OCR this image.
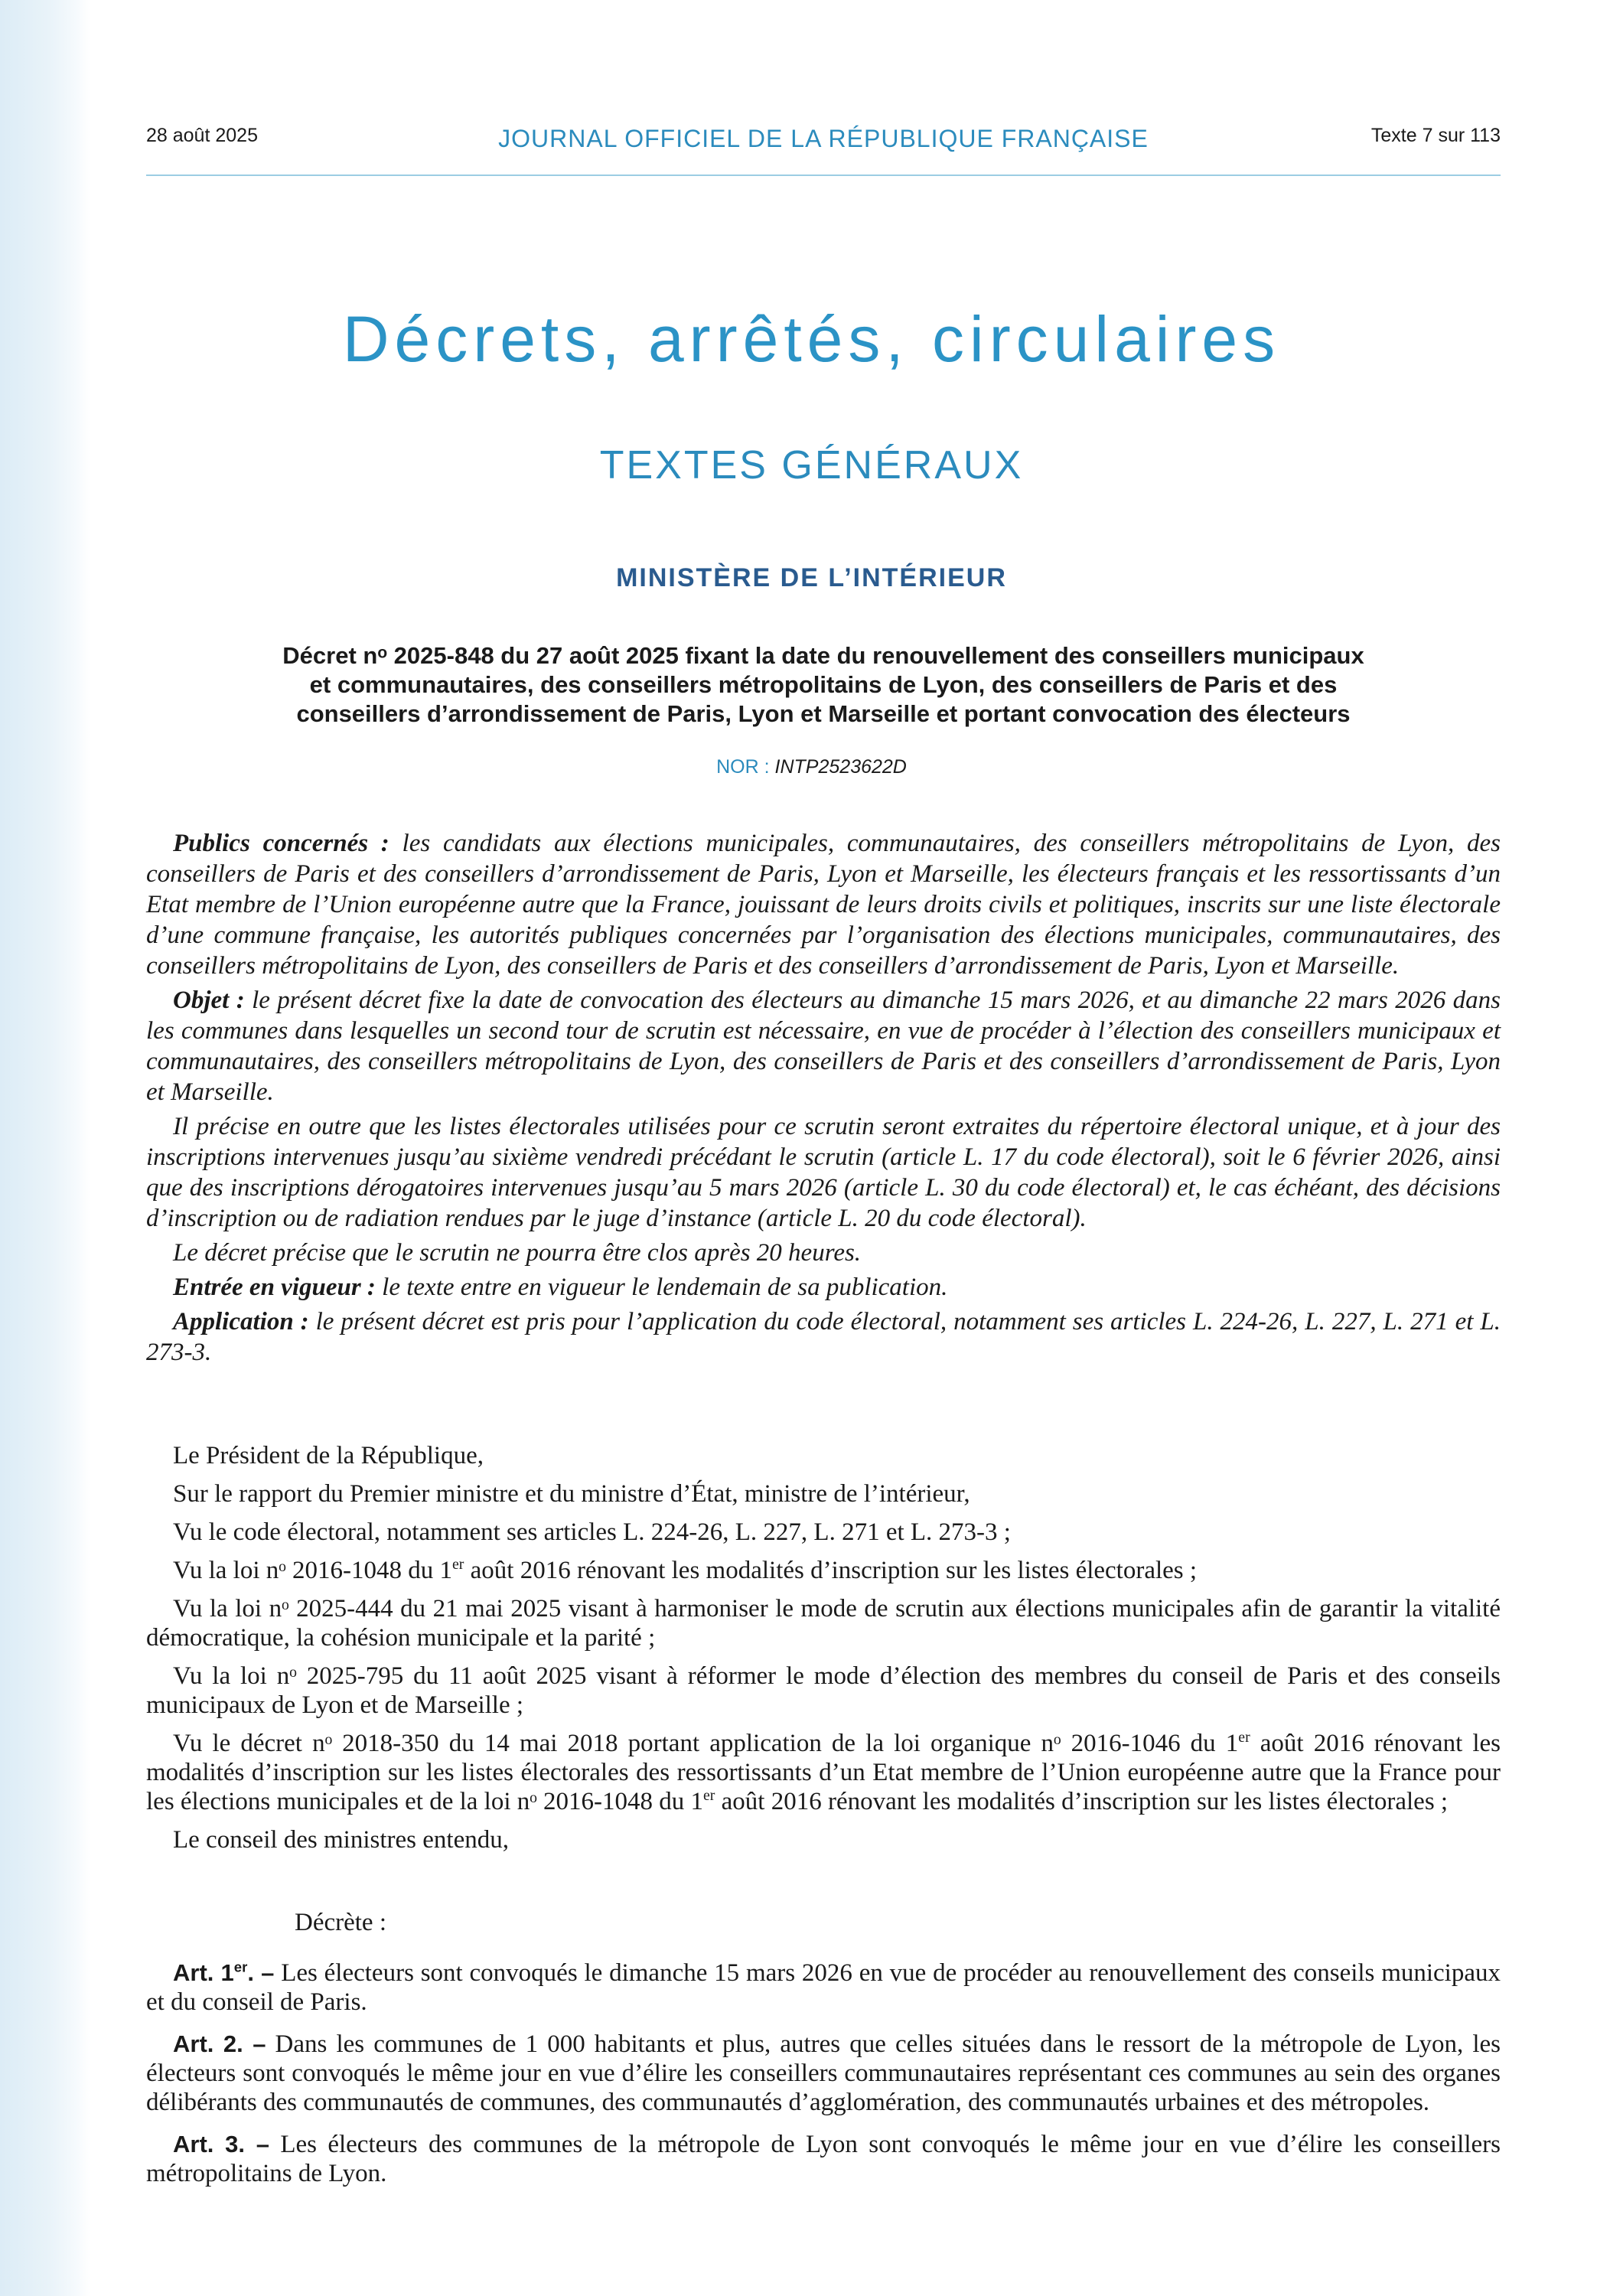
28 août 2025	JOURNAL OFFICIEL DE LA RÉPUBLIQUE FRANÇAISE	Texte 7 sur 113
Décrets, arrêtés, circulaires
TEXTES GÉNÉRAUX
MINISTÈRE DE L’INTÉRIEUR
Décret nᵒ 2025-848 du 27 août 2025 fixant la date du renouvellement des conseillers municipaux
et communautaires, des conseillers métropolitains de Lyon, des conseillers de Paris et des
conseillers d’arrondissement de Paris, Lyon et Marseille et portant convocation des électeurs
NOR : INTP2523622D

Publics concernés : les candidats aux élections municipales, communautaires, des conseillers métropolitains de Lyon, des conseillers de Paris et des conseillers d’arrondissement de Paris, Lyon et Marseille, les électeurs français et les ressortissants d’un Etat membre de l’Union européenne autre que la France, jouissant de leurs droits civils et politiques, inscrits sur une liste électorale d’une commune française, les autorités publiques concernées par l’organisation des élections municipales, communautaires, des conseillers métropolitains de Lyon, des conseillers de Paris et des conseillers d’arrondissement de Paris, Lyon et Marseille.

Objet : le présent décret fixe la date de convocation des électeurs au dimanche 15 mars 2026, et au dimanche 22 mars 2026 dans les communes dans lesquelles un second tour de scrutin est nécessaire, en vue de procéder à l’élection des conseillers municipaux et communautaires, des conseillers métropolitains de Lyon, des conseillers de Paris et des conseillers d’arrondissement de Paris, Lyon et Marseille.

Il précise en outre que les listes électorales utilisées pour ce scrutin seront extraites du répertoire électoral unique, et à jour des inscriptions intervenues jusqu’au sixième vendredi précédant le scrutin (article L. 17 du code électoral), soit le 6 février 2026, ainsi que des inscriptions dérogatoires intervenues jusqu’au 5 mars 2026 (article L. 30 du code électoral) et, le cas échéant, des décisions d’inscription ou de radiation rendues par le juge d’instance (article L. 20 du code électoral).

Le décret précise que le scrutin ne pourra être clos après 20 heures.

Entrée en vigueur : le texte entre en vigueur le lendemain de sa publication.

Application : le présent décret est pris pour l’application du code électoral, notamment ses articles L. 224-26, L. 227, L. 271 et L. 273-3.

Le Président de la République,

Sur le rapport du Premier ministre et du ministre d’État, ministre de l’intérieur,

Vu le code électoral, notamment ses articles L. 224-26, L. 227, L. 271 et L. 273-3 ;

Vu la loi nᵒ 2016-1048 du 1er août 2016 rénovant les modalités d’inscription sur les listes électorales ;

Vu la loi nᵒ 2025-444 du 21 mai 2025 visant à harmoniser le mode de scrutin aux élections municipales afin de garantir la vitalité démocratique, la cohésion municipale et la parité ;

Vu la loi nᵒ 2025-795 du 11 août 2025 visant à réformer le mode d’élection des membres du conseil de Paris et des conseils municipaux de Lyon et de Marseille ;

Vu le décret nᵒ 2018-350 du 14 mai 2018 portant application de la loi organique nᵒ 2016-1046 du 1er août 2016 rénovant les modalités d’inscription sur les listes électorales des ressortissants d’un Etat membre de l’Union européenne autre que la France pour les élections municipales et de la loi nᵒ 2016-1048 du 1er août 2016 rénovant les modalités d’inscription sur les listes électorales ;

Le conseil des ministres entendu,

Décrète :

Art. 1er. – Les électeurs sont convoqués le dimanche 15 mars 2026 en vue de procéder au renouvellement des conseils municipaux et du conseil de Paris.

Art. 2. – Dans les communes de 1 000 habitants et plus, autres que celles situées dans le ressort de la métropole de Lyon, les électeurs sont convoqués le même jour en vue d’élire les conseillers communautaires représentant ces communes au sein des organes délibérants des communautés de communes, des communautés d’agglomération, des communautés urbaines et des métropoles.

Art. 3. – Les électeurs des communes de la métropole de Lyon sont convoqués le même jour en vue d’élire les conseillers métropolitains de Lyon.
